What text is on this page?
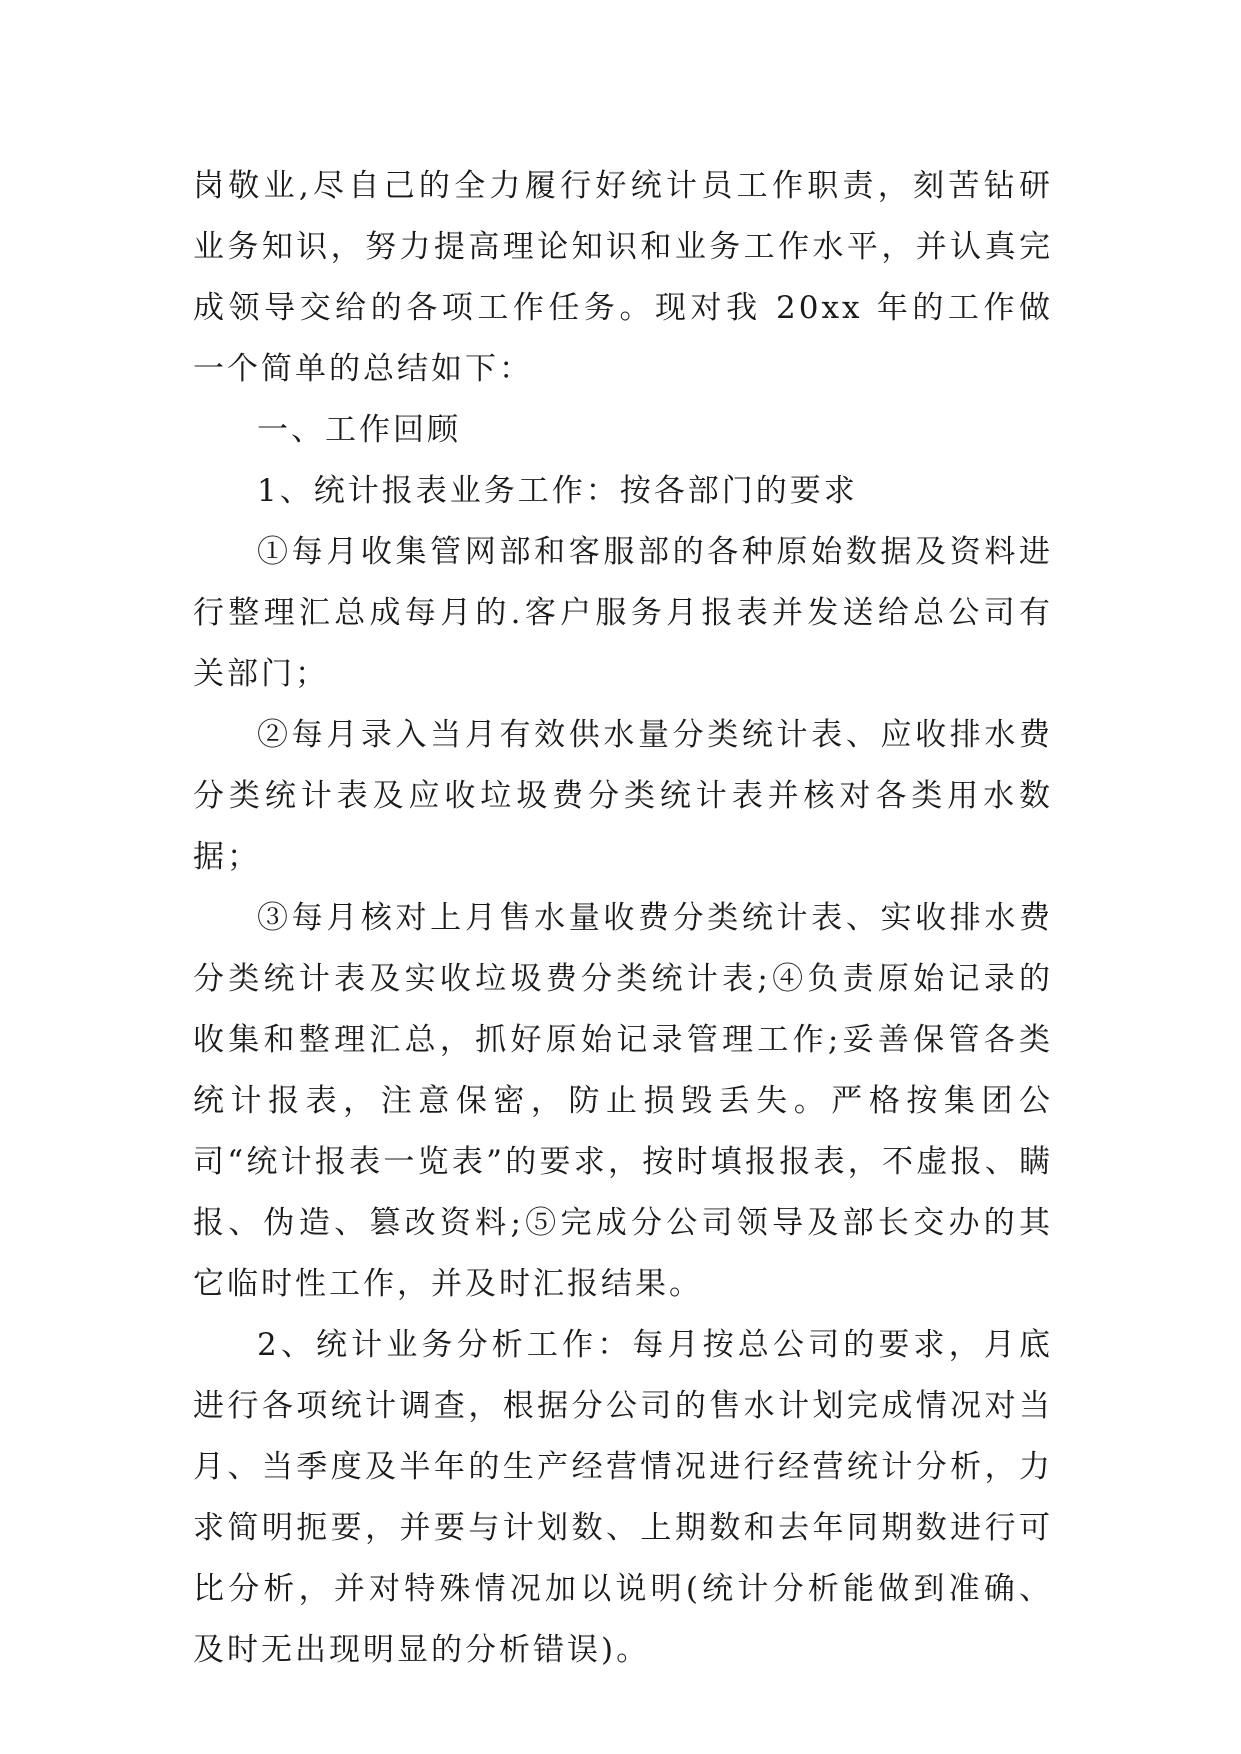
岗敬业,尽自己的全力履行好统计员工作职责，刻苦钻研业务知识，努力提高理论知识和业务工作水平，并认真完成领导交给的各项工作任务。现对我 20xx 年的工作做一个简单的总结如下：

一、工作回顾

1、统计报表业务工作：按各部门的要求

①每月收集管网部和客服部的各种原始数据及资料进行整理汇总成每月的.客户服务月报表并发送给总公司有关部门；

②每月录入当月有效供水量分类统计表、应收排水费分类统计表及应收垃圾费分类统计表并核对各类用水数据；

③每月核对上月售水量收费分类统计表、实收排水费分类统计表及实收垃圾费分类统计表;④负责原始记录的收集和整理汇总，抓好原始记录管理工作;妥善保管各类统计报表，注意保密，防止损毁丢失。严格按集团公司“统计报表一览表”的要求，按时填报报表，不虚报、瞒报、伪造、篡改资料;⑤完成分公司领导及部长交办的其它临时性工作，并及时汇报结果。

2、统计业务分析工作：每月按总公司的要求，月底进行各项统计调查，根据分公司的售水计划完成情况对当月、当季度及半年的生产经营情况进行经营统计分析，力求简明扼要，并要与计划数、上期数和去年同期数进行可比分析，并对特殊情况加以说明(统计分析能做到准确、及时无出现明显的分析错误)。
